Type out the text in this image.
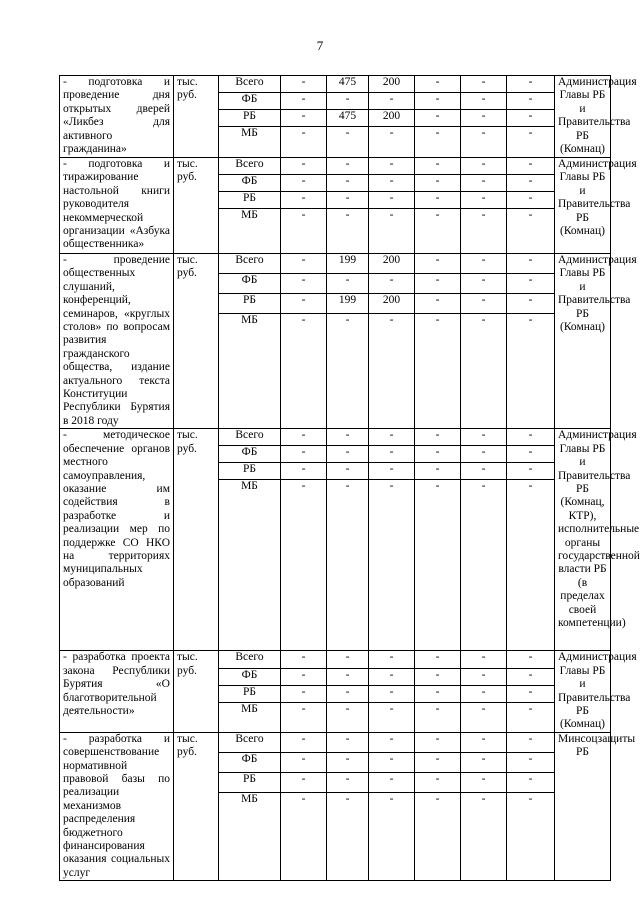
7
- подготовка и проведение дня открытых дверей «Ликбез для активного гражданина»	тыс. руб.	Всего	-	475	200	-	-	-	Администрация Главы РБ и Правительства РБ (Комнац)
		ФБ	-	-	-	-	-	-	
		РБ	-	475	200	-	-	-	
		МБ	-	-	-	-	-	-	
- подготовка и тиражирование настольной книги руководителя некоммерческой организации «Азбука общественника»	тыс. руб.	Всего	-	-	-	-	-	-	Администрация Главы РБ и Правительства РБ (Комнац)
		ФБ	-	-	-	-	-	-	
		РБ	-	-	-	-	-	-	
		МБ	-	-	-	-	-	-	
- проведение общественных слушаний, конференций, семинаров, «круглых столов» по вопросам развития гражданского общества, издание актуального текста Конституции Республики Бурятия в 2018 году	тыс. руб.	Всего	-	199	200	-	-	-	Администрация Главы РБ и Правительства РБ (Комнац)
		ФБ	-	-	-	-	-	-	
		РБ	-	199	200	-	-	-	
		МБ	-	-	-	-	-	-	
- методическое обеспечение органов местного самоуправления, оказание им содействия в разработке и реализации мер по поддержке СО НКО на территориях муниципальных образований	тыс. руб.	Всего	-	-	-	-	-	-	Администрация Главы РБ и Правительства РБ (Комнац, КТР), исполнительные органы государственной власти РБ (в пределах своей компетенции)
		ФБ	-	-	-	-	-	-	
		РБ	-	-	-	-	-	-	
		МБ	-	-	-	-	-	-	
- разработка проекта закона Республики Бурятия «О благотворительной деятельности»	тыс. руб.	Всего	-	-	-	-	-	-	Администрация Главы РБ и Правительства РБ (Комнац)
		ФБ	-	-	-	-	-	-	
		РБ	-	-	-	-	-	-	
		МБ	-	-	-	-	-	-	
- разработка и совершенствование нормативной правовой базы по реализации механизмов распределения бюджетного финансирования оказания социальных услуг	тыс. руб.	Всего	-	-	-	-	-	-	Минсоцзащиты РБ
		ФБ	-	-	-	-	-	-	
		РБ	-	-	-	-	-	-	
		МБ	-	-	-	-	-	-	
